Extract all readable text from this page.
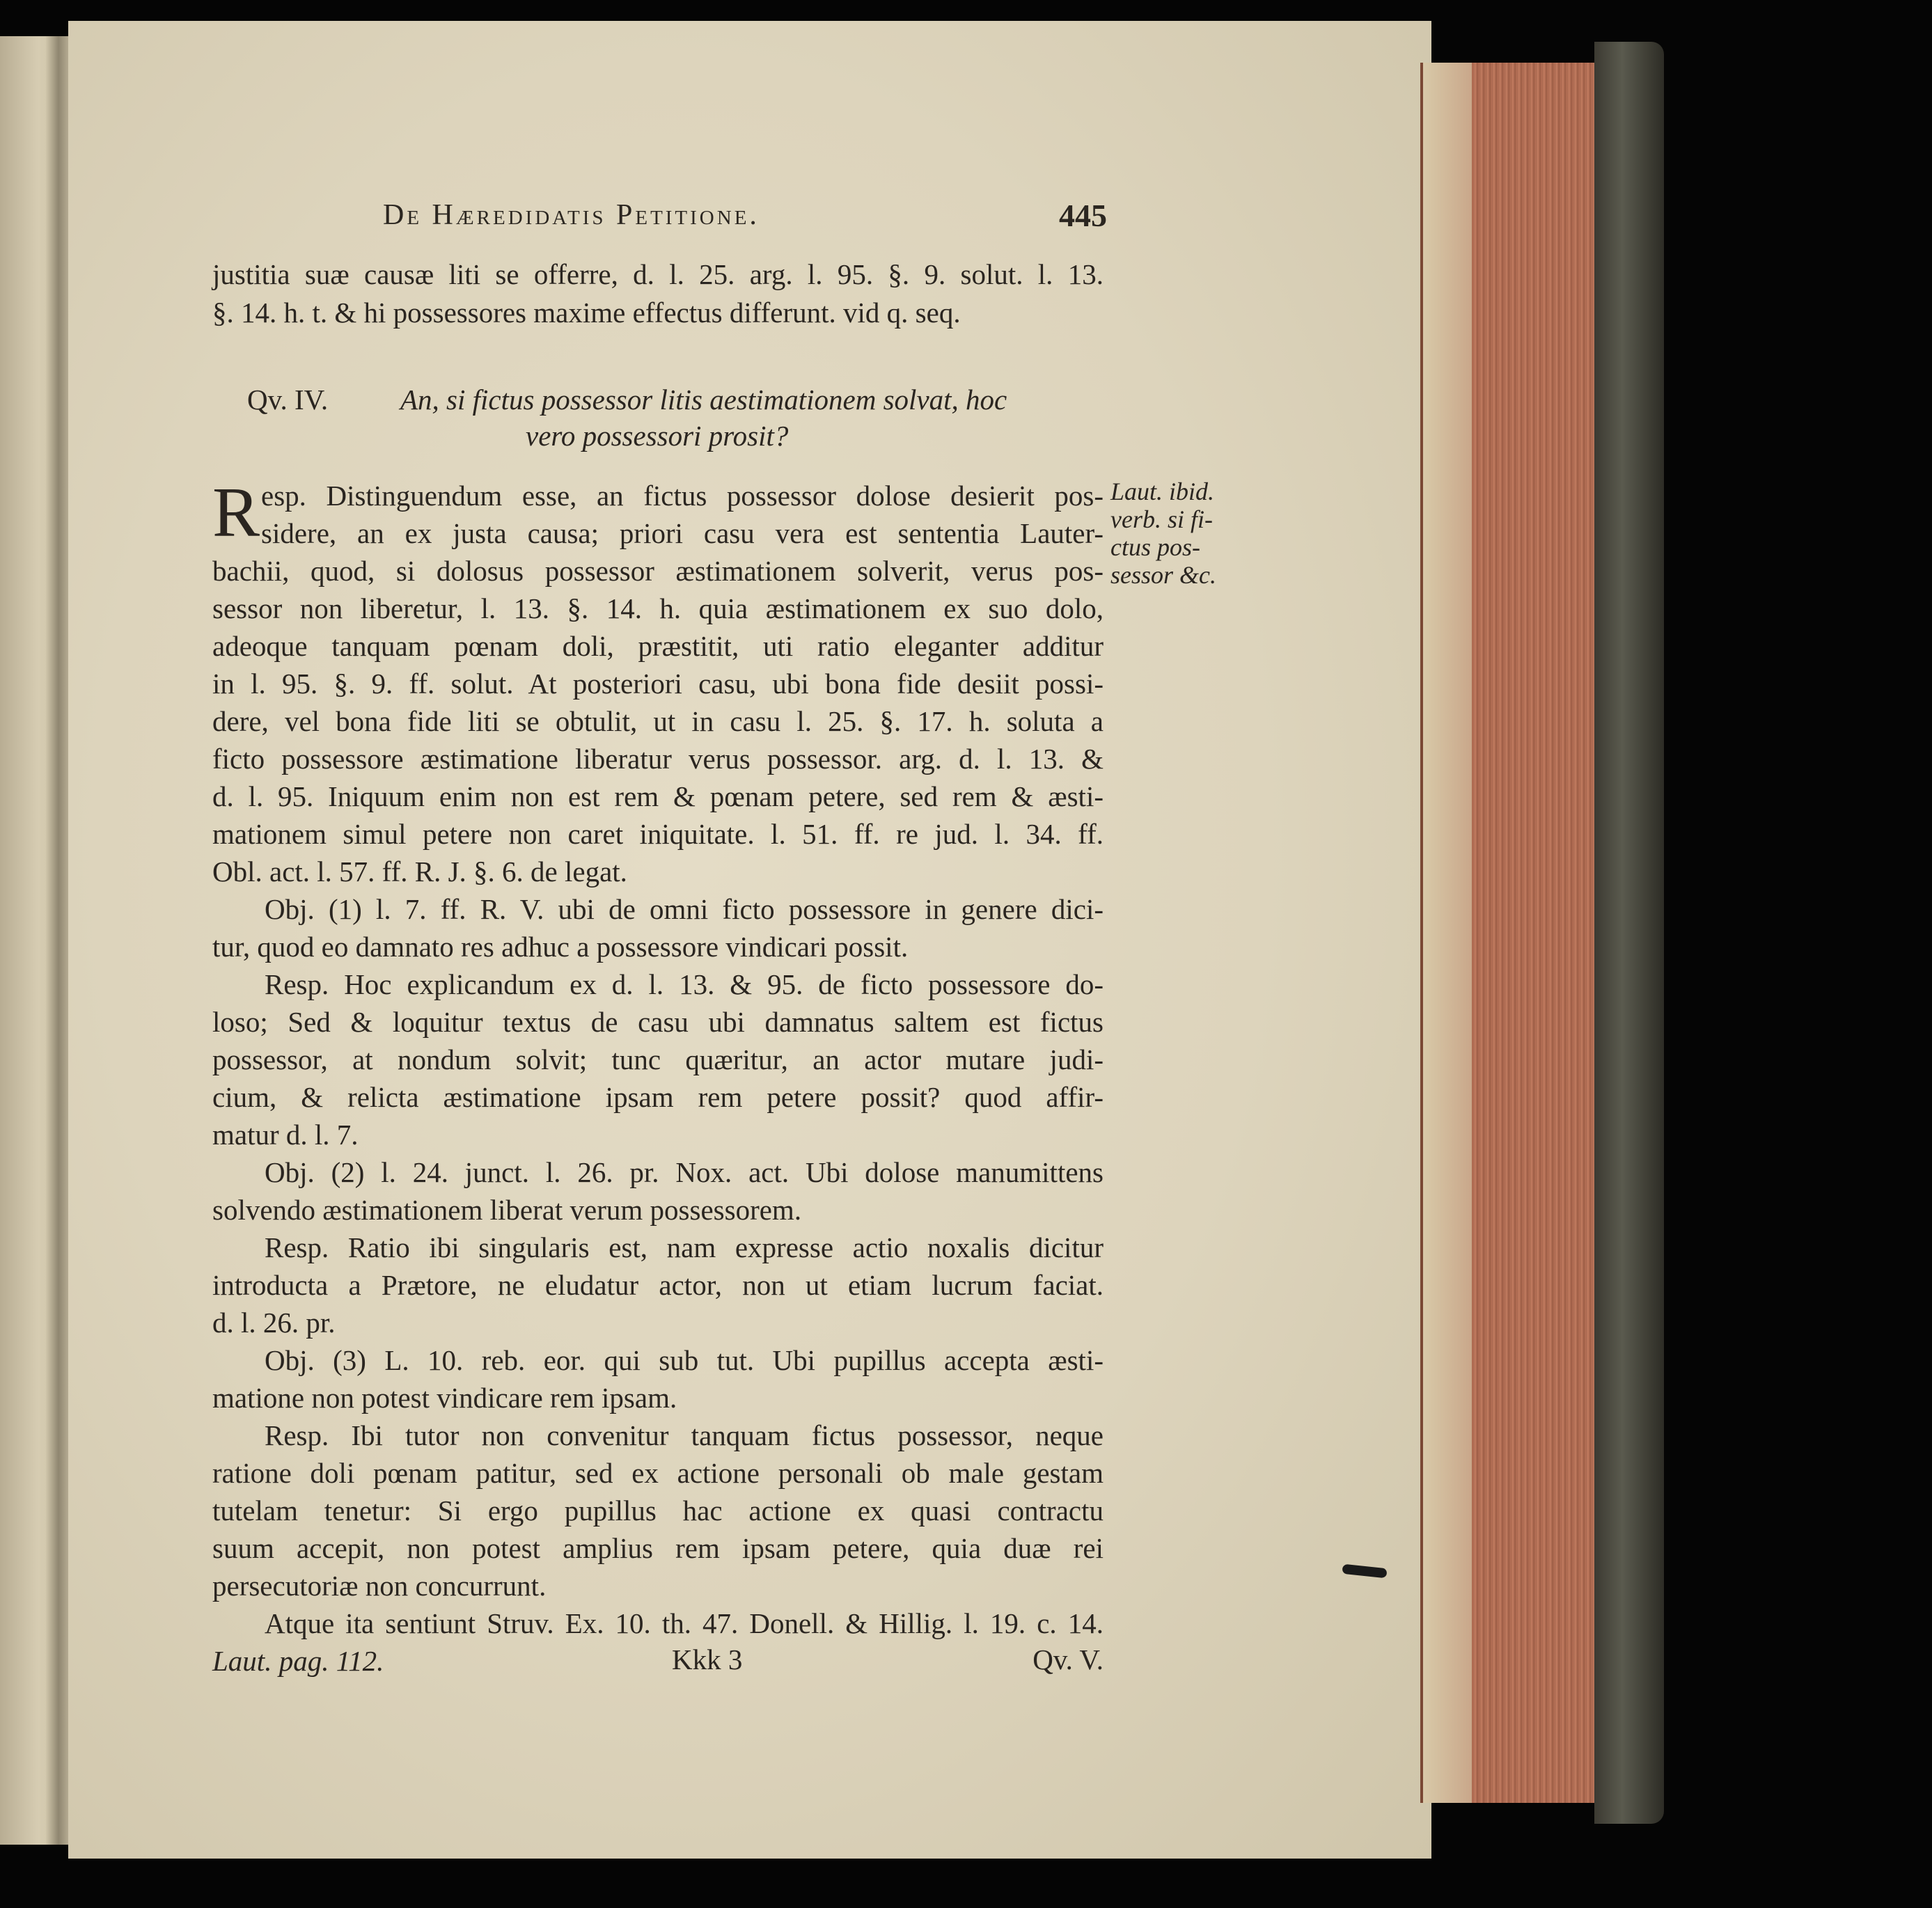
De Hæredidatis Petitione.	445
justitia suæ causæ liti se offerre, d. l. 25. arg. l. 95. §. 9. solut. l. 13.
§. 14. h. t. & hi possessores maxime effectus differunt. vid q. seq.
Qv. IV.	An, si fictus possessor litis aestimationem solvat, hoc
vero possessori prosit?
R esp. Distinguendum esse, an fictus possessor dolose desierit pos-
sidere, an ex justa causa; priori casu vera est sententia Lauter-
bachii, quod, si dolosus possessor æstimationem solverit, verus pos-
sessor non liberetur, l. 13. §. 14. h. quia æstimationem ex suo dolo,
adeoque tanquam pœnam doli, præstitit, uti ratio eleganter additur
in l. 95. §. 9. ff. solut. At posteriori casu, ubi bona fide desiit possi-
dere, vel bona fide liti se obtulit, ut in casu l. 25. §. 17. h. soluta a
ficto possessore æstimatione liberatur verus possessor. arg. d. l. 13. &
d. l. 95. Iniquum enim non est rem & pœnam petere, sed rem & æsti-
mationem simul petere non caret iniquitate. l. 51. ff. re jud. l. 34. ff.
Obl. act. l. 57. ff. R. J. §. 6. de legat.
Obj. (1) l. 7. ff. R. V. ubi de omni ficto possessore in genere dici-
tur, quod eo damnato res adhuc a possessore vindicari possit.
Resp. Hoc explicandum ex d. l. 13. & 95. de ficto possessore do-
loso; Sed & loquitur textus de casu ubi damnatus saltem est fictus
possessor, at nondum solvit; tunc quæritur, an actor mutare judi-
cium, & relicta æstimatione ipsam rem petere possit? quod affir-
matur d. l. 7.
Obj. (2) l. 24. junct. l. 26. pr. Nox. act. Ubi dolose manumittens
solvendo æstimationem liberat verum possessorem.
Resp. Ratio ibi singularis est, nam expresse actio noxalis dicitur
introducta a Prætore, ne eludatur actor, non ut etiam lucrum faciat.
d. l. 26. pr.
Obj. (3) L. 10. reb. eor. qui sub tut. Ubi pupillus accepta æsti-
matione non potest vindicare rem ipsam.
Resp. Ibi tutor non convenitur tanquam fictus possessor, neque
ratione doli pœnam patitur, sed ex actione personali ob male gestam
tutelam tenetur: Si ergo pupillus hac actione ex quasi contractu
suum accepit, non potest amplius rem ipsam petere, quia duæ rei
persecutoriæ non concurrunt.
Atque ita sentiunt Struv. Ex. 10. th. 47. Donell. & Hillig. l. 19. c. 14.
Laut. pag. 112.
Laut. ibid.
verb. si fi-
ctus pos-
sessor &c.
Kkk 3	Qv. V.
